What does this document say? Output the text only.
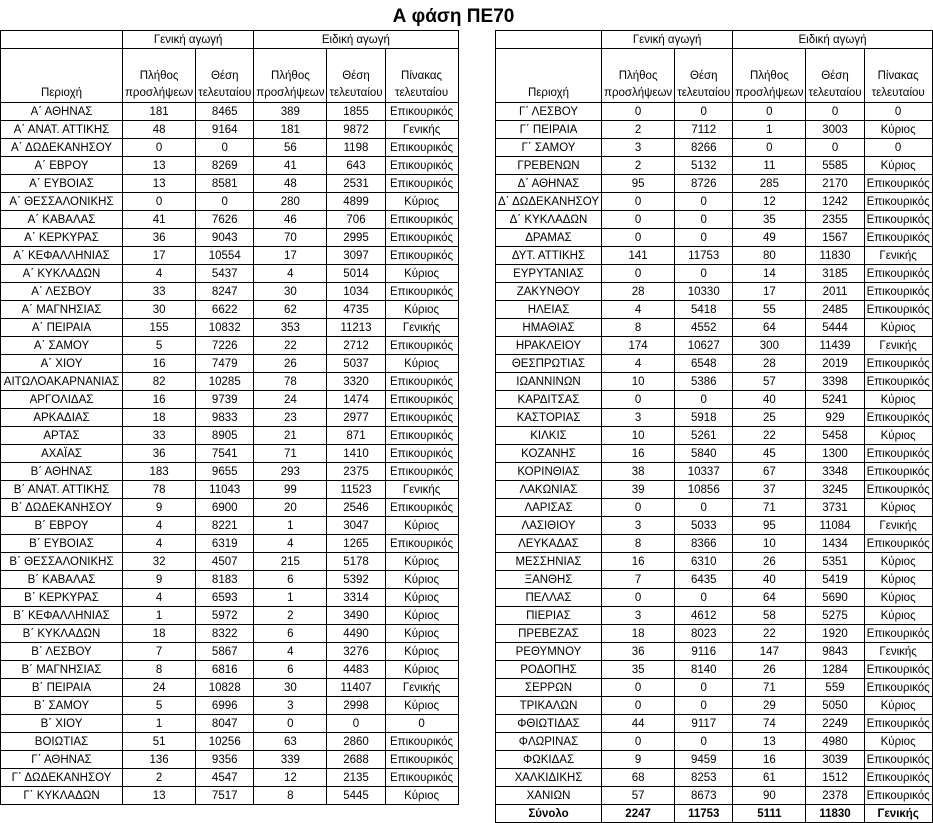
Α φάση ΠΕ70
	Γενική αγωγή		Ειδική αγωγή		
Περιοχή	Πλήθος προσλήψεων	Θέση τελευταίου	Πλήθος προσλήψεων	Θέση τελευταίου	Πίνακας τελευταίου
Α΄ ΑΘΗΝΑΣ	181	8465	389	1855	Επικουρικός
Α΄ ΑΝΑΤ. ΑΤΤΙΚΗΣ	48	9164	181	9872	Γενικής
Α΄ ΔΩΔΕΚΑΝΗΣΟΥ	0	0	56	1198	Επικουρικός
Α΄ ΕΒΡΟΥ	13	8269	41	643	Επικουρικός
Α΄ ΕΥΒΟΙΑΣ	13	8581	48	2531	Επικουρικός
Α΄ ΘΕΣΣΑΛΟΝΙΚΗΣ	0	0	280	4899	Κύριος
Α΄ ΚΑΒΑΛΑΣ	41	7626	46	706	Επικουρικός
Α΄ ΚΕΡΚΥΡΑΣ	36	9043	70	2995	Επικουρικός
Α΄ ΚΕΦΑΛΛΗΝΙΑΣ	17	10554	17	3097	Επικουρικός
Α΄ ΚΥΚΛΑΔΩΝ	4	5437	4	5014	Κύριος
Α΄ ΛΕΣΒΟΥ	33	8247	30	1034	Επικουρικός
Α΄ ΜΑΓΝΗΣΙΑΣ	30	6622	62	4735	Κύριος
Α΄ ΠΕΙΡΑΙΑ	155	10832	353	11213	Γενικής
Α΄ ΣΑΜΟΥ	5	7226	22	2712	Επικουρικός
Α΄ ΧΙΟΥ	16	7479	26	5037	Κύριος
ΑΙΤΩΛΟΑΚΑΡΝΑΝΙΑΣ	82	10285	78	3320	Επικουρικός
ΑΡΓΟΛΙΔΑΣ	16	9739	24	1474	Επικουρικός
ΑΡΚΑΔΙΑΣ	18	9833	23	2977	Επικουρικός
ΑΡΤΑΣ	33	8905	21	871	Επικουρικός
ΑΧΑΪΑΣ	36	7541	71	1410	Επικουρικός
Β΄ ΑΘΗΝΑΣ	183	9655	293	2375	Επικουρικός
Β΄ ΑΝΑΤ. ΑΤΤΙΚΗΣ	78	11043	99	11523	Γενικής
Β΄ ΔΩΔΕΚΑΝΗΣΟΥ	9	6900	20	2546	Επικουρικός
Β΄ ΕΒΡΟΥ	4	8221	1	3047	Κύριος
Β΄ ΕΥΒΟΙΑΣ	4	6319	4	1265	Επικουρικός
Β΄ ΘΕΣΣΑΛΟΝΙΚΗΣ	32	4507	215	5178	Κύριος
Β΄ ΚΑΒΑΛΑΣ	9	8183	6	5392	Κύριος
Β΄ ΚΕΡΚΥΡΑΣ	4	6593	1	3314	Κύριος
Β΄ ΚΕΦΑΛΛΗΝΙΑΣ	1	5972	2	3490	Κύριος
Β΄ ΚΥΚΛΑΔΩΝ	18	8322	6	4490	Κύριος
Β΄ ΛΕΣΒΟΥ	7	5867	4	3276	Κύριος
Β΄ ΜΑΓΝΗΣΙΑΣ	8	6816	6	4483	Κύριος
Β΄ ΠΕΙΡΑΙΑ	24	10828	30	11407	Γενικής
Β΄ ΣΑΜΟΥ	5	6996	3	2998	Κύριος
Β΄ ΧΙΟΥ	1	8047	0	0	0
ΒΟΙΩΤΙΑΣ	51	10256	63	2860	Επικουρικός
Γ΄ ΑΘΗΝΑΣ	136	9356	339	2688	Επικουρικός
Γ΄ ΔΩΔΕΚΑΝΗΣΟΥ	2	4547	12	2135	Επικουρικός
Γ΄ ΚΥΚΛΑΔΩΝ	13	7517	8	5445	Κύριος
	Γενική αγωγή		Ειδική αγωγή		
Περιοχή	Πλήθος προσλήψεων	Θέση τελευταίου	Πλήθος προσλήψεων	Θέση τελευταίου	Πίνακας τελευταίου
Γ΄ ΛΕΣΒΟΥ	0	0	0	0	0
Γ΄ ΠΕΙΡΑΙΑ	2	7112	1	3003	Κύριος
Γ΄ ΣΑΜΟΥ	3	8266	0	0	0
ΓΡΕΒΕΝΩΝ	2	5132	11	5585	Κύριος
Δ΄ ΑΘΗΝΑΣ	95	8726	285	2170	Επικουρικός
Δ΄ ΔΩΔΕΚΑΝΗΣΟΥ	0	0	12	1242	Επικουρικός
Δ΄ ΚΥΚΛΑΔΩΝ	0	0	35	2355	Επικουρικός
ΔΡΑΜΑΣ	0	0	49	1567	Επικουρικός
ΔΥΤ. ΑΤΤΙΚΗΣ	141	11753	80	11830	Γενικής
ΕΥΡΥΤΑΝΙΑΣ	0	0	14	3185	Επικουρικός
ΖΑΚΥΝΘΟΥ	28	10330	17	2011	Επικουρικός
ΗΛΕΙΑΣ	4	5418	55	2485	Επικουρικός
ΗΜΑΘΙΑΣ	8	4552	64	5444	Κύριος
ΗΡΑΚΛΕΙΟΥ	174	10627	300	11439	Γενικής
ΘΕΣΠΡΩΤΙΑΣ	4	6548	28	2019	Επικουρικός
ΙΩΑΝΝΙΝΩΝ	10	5386	57	3398	Επικουρικός
ΚΑΡΔΙΤΣΑΣ	0	0	40	5241	Κύριος
ΚΑΣΤΟΡΙΑΣ	3	5918	25	929	Επικουρικός
ΚΙΛΚΙΣ	10	5261	22	5458	Κύριος
ΚΟΖΑΝΗΣ	16	5840	45	1300	Επικουρικός
ΚΟΡΙΝΘΙΑΣ	38	10337	67	3348	Επικουρικός
ΛΑΚΩΝΙΑΣ	39	10856	37	3245	Επικουρικός
ΛΑΡΙΣΑΣ	0	0	71	3731	Κύριος
ΛΑΣΙΘΙΟΥ	3	5033	95	11084	Γενικής
ΛΕΥΚΑΔΑΣ	8	8366	10	1434	Επικουρικός
ΜΕΣΣΗΝΙΑΣ	16	6310	26	5351	Κύριος
ΞΑΝΘΗΣ	7	6435	40	5419	Κύριος
ΠΕΛΛΑΣ	0	0	64	5690	Κύριος
ΠΙΕΡΙΑΣ	3	4612	58	5275	Κύριος
ΠΡΕΒΕΖΑΣ	18	8023	22	1920	Επικουρικός
ΡΕΘΥΜΝΟΥ	36	9116	147	9843	Γενικής
ΡΟΔΟΠΗΣ	35	8140	26	1284	Επικουρικός
ΣΕΡΡΩΝ	0	0	71	559	Επικουρικός
ΤΡΙΚΑΛΩΝ	0	0	29	5050	Κύριος
ΦΘΙΩΤΙΔΑΣ	44	9117	74	2249	Επικουρικός
ΦΛΩΡΙΝΑΣ	0	0	13	4980	Κύριος
ΦΩΚΙΔΑΣ	9	9459	16	3039	Επικουρικός
ΧΑΛΚΙΔΙΚΗΣ	68	8253	61	1512	Επικουρικός
ΧΑΝΙΩΝ	57	8673	90	2378	Επικουρικός
Σύνολο	2247	11753	5111	11830	Γενικής
